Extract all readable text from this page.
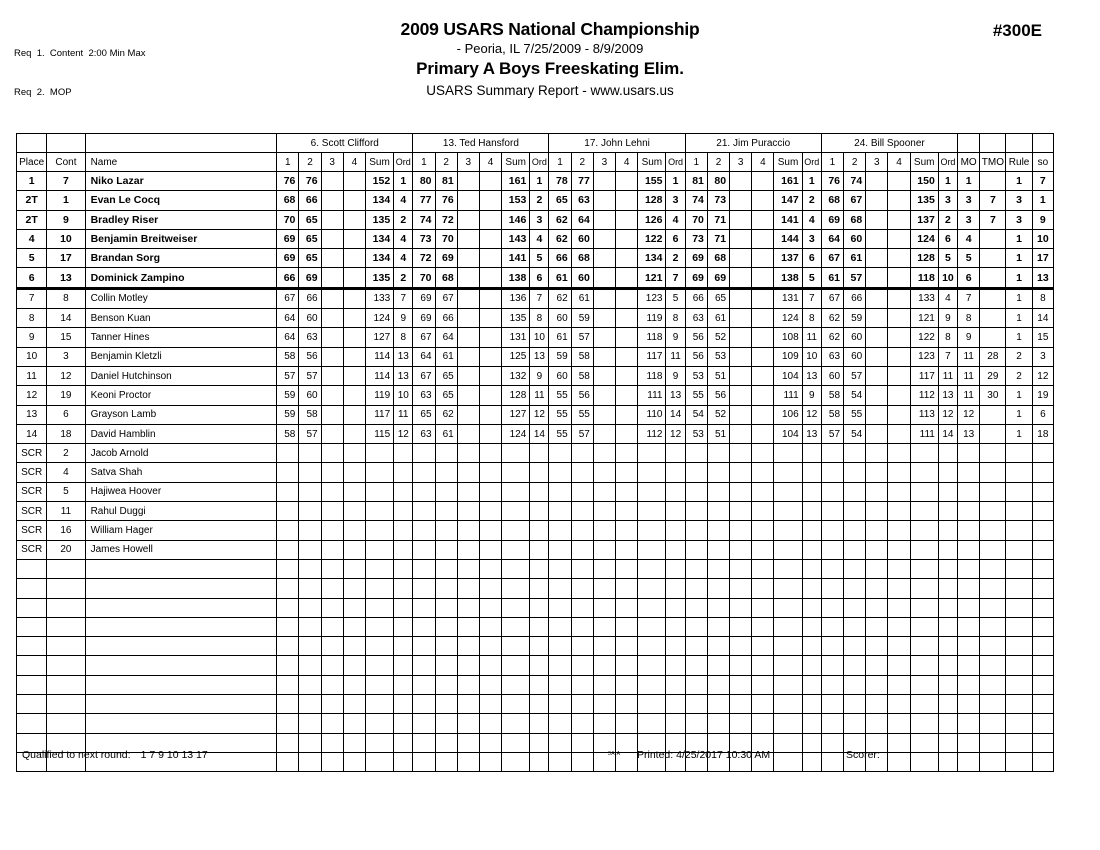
Req  1.  Content  2:00 Min Max

Req  2.  MOP

2009 USARS National Championship
- Peoria, IL 7/25/2009 - 8/9/2009
Primary A Boys Freeskating Elim.
USARS Summary Report - www.usars.us
#300E
			6. Scott Clifford						13. Ted Hansford						17. John Lehni						21. Jim Puraccio						24. Bill Spooner									
Place	Cont	Name	1	2	3	4	Sum	Ord	1	2	3	4	Sum	Ord	1	2	3	4	Sum	Ord	1	2	3	4	Sum	Ord	1	2	3	4	Sum	Ord	MO	TMO	Rule	so
1	7	Niko Lazar	76	76			152	1	80	81			161	1	78	77			155	1	81	80			161	1	76	74			150	1	1		1	7
2T	1	Evan Le Cocq	68	66			134	4	77	76			153	2	65	63			128	3	74	73			147	2	68	67			135	3	3	7	3	1
2T	9	Bradley Riser	70	65			135	2	74	72			146	3	62	64			126	4	70	71			141	4	69	68			137	2	3	7	3	9
4	10	Benjamin Breitweiser	69	65			134	4	73	70			143	4	62	60			122	6	73	71			144	3	64	60			124	6	4		1	10
5	17	Brandan Sorg	69	65			134	4	72	69			141	5	66	68			134	2	69	68			137	6	67	61			128	5	5		1	17
6	13	Dominick Zampino	66	69			135	2	70	68			138	6	61	60			121	7	69	69			138	5	61	57			118	10	6		1	13
7	8	Collin Motley	67	66			133	7	69	67			136	7	62	61			123	5	66	65			131	7	67	66			133	4	7		1	8
8	14	Benson Kuan	64	60			124	9	69	66			135	8	60	59			119	8	63	61			124	8	62	59			121	9	8		1	14
9	15	Tanner Hines	64	63			127	8	67	64			131	10	61	57			118	9	56	52			108	11	62	60			122	8	9		1	15
10	3	Benjamin Kletzli	58	56			114	13	64	61			125	13	59	58			117	11	56	53			109	10	63	60			123	7	11	28	2	3
11	12	Daniel Hutchinson	57	57			114	13	67	65			132	9	60	58			118	9	53	51			104	13	60	57			117	11	11	29	2	12
12	19	Keoni Proctor	59	60			119	10	63	65			128	11	55	56			111	13	55	56			111	9	58	54			112	13	11	30	1	19
13	6	Grayson Lamb	59	58			117	11	65	62			127	12	55	55			110	14	54	52			106	12	58	55			113	12	12		1	6
14	18	David Hamblin	58	57			115	12	63	61			124	14	55	57			112	12	53	51			104	13	57	54			111	14	13		1	18
SCR	2	Jacob Arnold																																		
SCR	4	Satva Shah																																		
SCR	5	Hajiwea Hoover																																		
SCR	11	Rahul Duggi																																		
SCR	16	William Hager																																		
SCR	20	James Howell																																		

Qualified to next round: 1 7 9 10 13 17	3A'A Printed: 4/25/2017 10:30 AM	Scorer:
